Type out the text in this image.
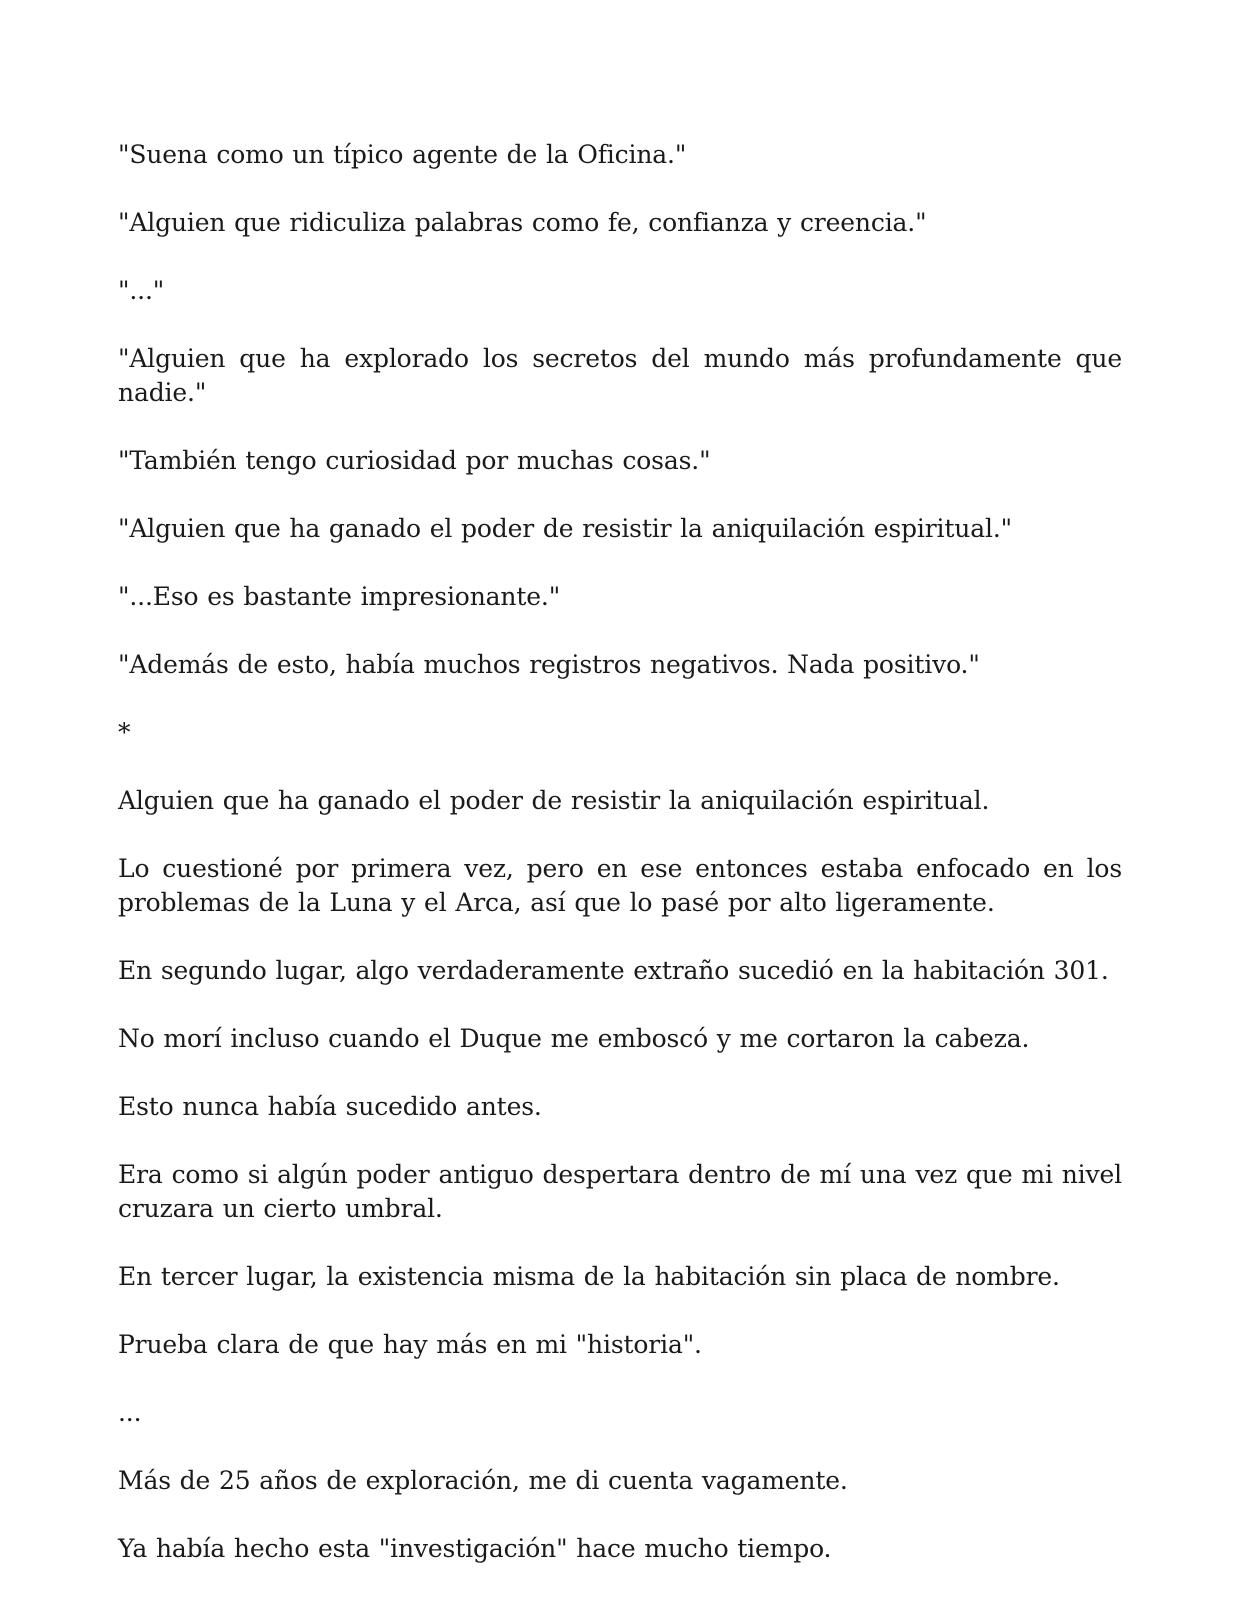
"Suena como un típico agente de la Oficina."

"Alguien que ridiculiza palabras como fe, confianza y creencia."

"..."

"Alguien que ha explorado los secretos del mundo más profundamente que nadie."

"También tengo curiosidad por muchas cosas."

"Alguien que ha ganado el poder de resistir la aniquilación espiritual."

"...Eso es bastante impresionante."

"Además de esto, había muchos registros negativos. Nada positivo."

*

Alguien que ha ganado el poder de resistir la aniquilación espiritual.

Lo cuestioné por primera vez, pero en ese entonces estaba enfocado en los problemas de la Luna y el Arca, así que lo pasé por alto ligeramente.

En segundo lugar, algo verdaderamente extraño sucedió en la habitación 301.

No morí incluso cuando el Duque me emboscó y me cortaron la cabeza.

Esto nunca había sucedido antes.

Era como si algún poder antiguo despertara dentro de mí una vez que mi nivel cruzara un cierto umbral.

En tercer lugar, la existencia misma de la habitación sin placa de nombre.

Prueba clara de que hay más en mi "historia".

...

Más de 25 años de exploración, me di cuenta vagamente.

Ya había hecho esta "investigación" hace mucho tiempo.
